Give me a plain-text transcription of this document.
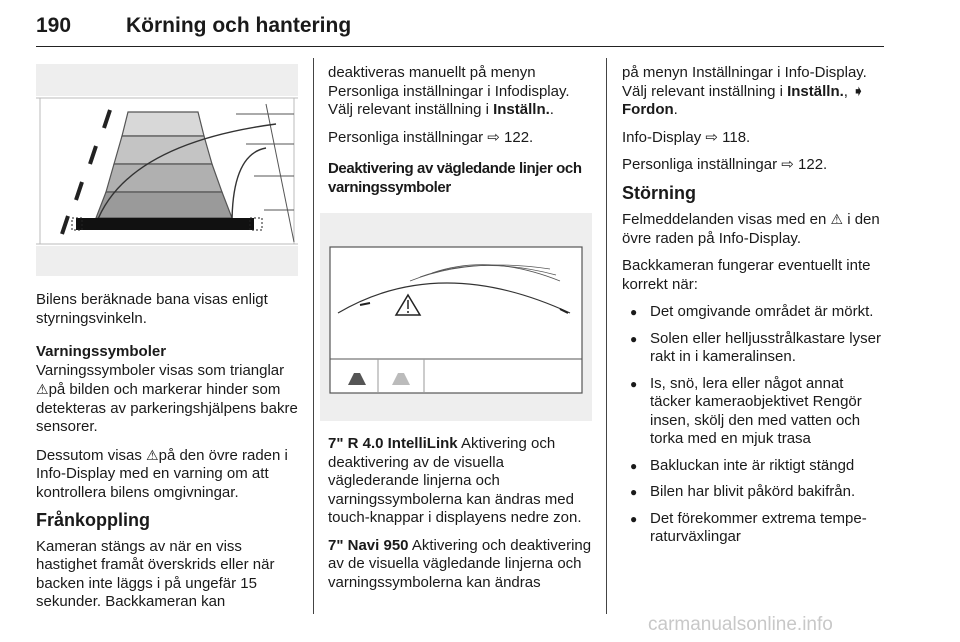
190	Körning och hantering

Bilens beräknade bana visas enligt styrningsvinkeln.

Varningssymboler

Varningssymboler visas som trianglar ⚠på bilden och markerar hinder som detekteras av parkeringshjälpens bakre sensorer.

Dessutom visas ⚠på den övre raden i Info-Display med en varning om att kontrollera bilens omgivningar.

Frånkoppling

Kameran stängs av när en viss hastighet framåt överskrids eller när backen inte läggs i på ungefär 15 sekunder. Backkameran kan

deaktiveras manuellt på menyn Personliga inställningar i Infodisplay. Välj relevant inställning i Inställn..

Personliga inställningar ⇨ 122.

Deaktivering av vägledande linjer och varningssymboler

7" R 4.0 IntelliLink Aktivering och deaktivering av de visuella väglederande linjerna och varningssymbolerna kan ändras med touch-knappar i displayens nedre zon.

7" Navi 950 Aktivering och deaktivering av de visuella vägledande linjerna och varningssymbolerna kan ändras

på menyn Inställningar i Info-Display. Välj relevant inställning i Inställn., ➧ Fordon.

Info-Display ⇨ 118.

Personliga inställningar ⇨ 122.

Störning

Felmeddelanden visas med en ⚠ i den övre raden på Info-Display.

Backkameran fungerar eventuellt inte korrekt när:

● Det omgivande området är mörkt.
● Solen eller helljusstrålkastare lyser rakt in i kameralinsen.
● Is, snö, lera eller något annat täcker kameraobjektivet Rengör insen, skölj den med vatten och torka med en mjuk trasa
● Bakluckan inte är riktigt stängd
● Bilen har blivit påkörd bakifrån.
● Det förekommer extrema tempe-raturväxlingar
carmanualsonline.info
